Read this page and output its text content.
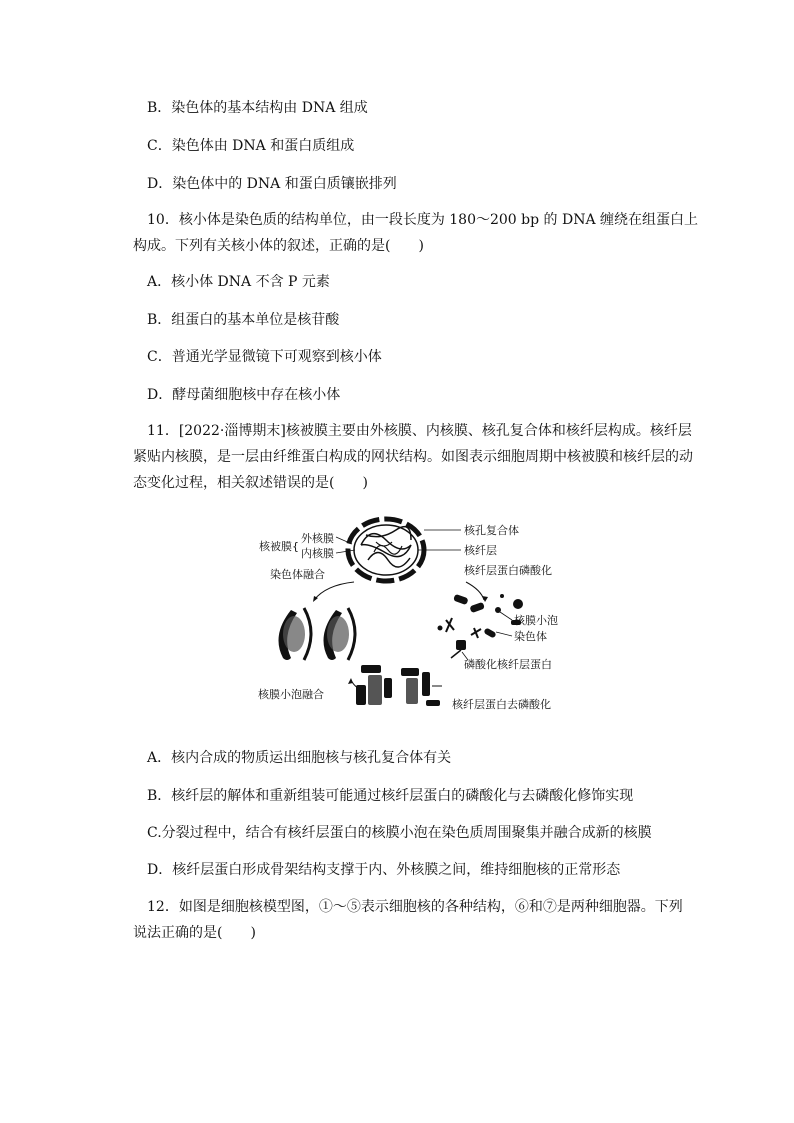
B．染色体的基本结构由 DNA 组成
C．染色体由 DNA 和蛋白质组成
D．染色体中的 DNA 和蛋白质镶嵌排列
10．核小体是染色质的结构单位，由一段长度为 180～200 bp 的 DNA 缠绕在组蛋白上
构成。下列有关核小体的叙述，正确的是(　　)
A．核小体 DNA 不含 P 元素
B．组蛋白的基本单位是核苷酸
C．普通光学显微镜下可观察到核小体
D．酵母菌细胞核中存在核小体
11．[2022·淄博期末]核被膜主要由外核膜、内核膜、核孔复合体和核纤层构成。核纤层
紧贴内核膜，是一层由纤维蛋白构成的网状结构。如图表示细胞周期中核被膜和核纤层的动
态变化过程，相关叙述错误的是(　　)
核被膜 {
外核膜
内核膜
核孔复合体
核纤层
核纤层蛋白磷酸化
染色体融合
核膜小泡
染色体
磷酸化核纤层蛋白
核膜小泡融合
核纤层蛋白去磷酸化
A．核内合成的物质运出细胞核与核孔复合体有关
B．核纤层的解体和重新组装可能通过核纤层蛋白的磷酸化与去磷酸化修饰实现
C.分裂过程中，结合有核纤层蛋白的核膜小泡在染色质周围聚集并融合成新的核膜
D．核纤层蛋白形成骨架结构支撑于内、外核膜之间，维持细胞核的正常形态
12．如图是细胞核模型图，①～⑤表示细胞核的各种结构，⑥和⑦是两种细胞器。下列
说法正确的是(　　)
